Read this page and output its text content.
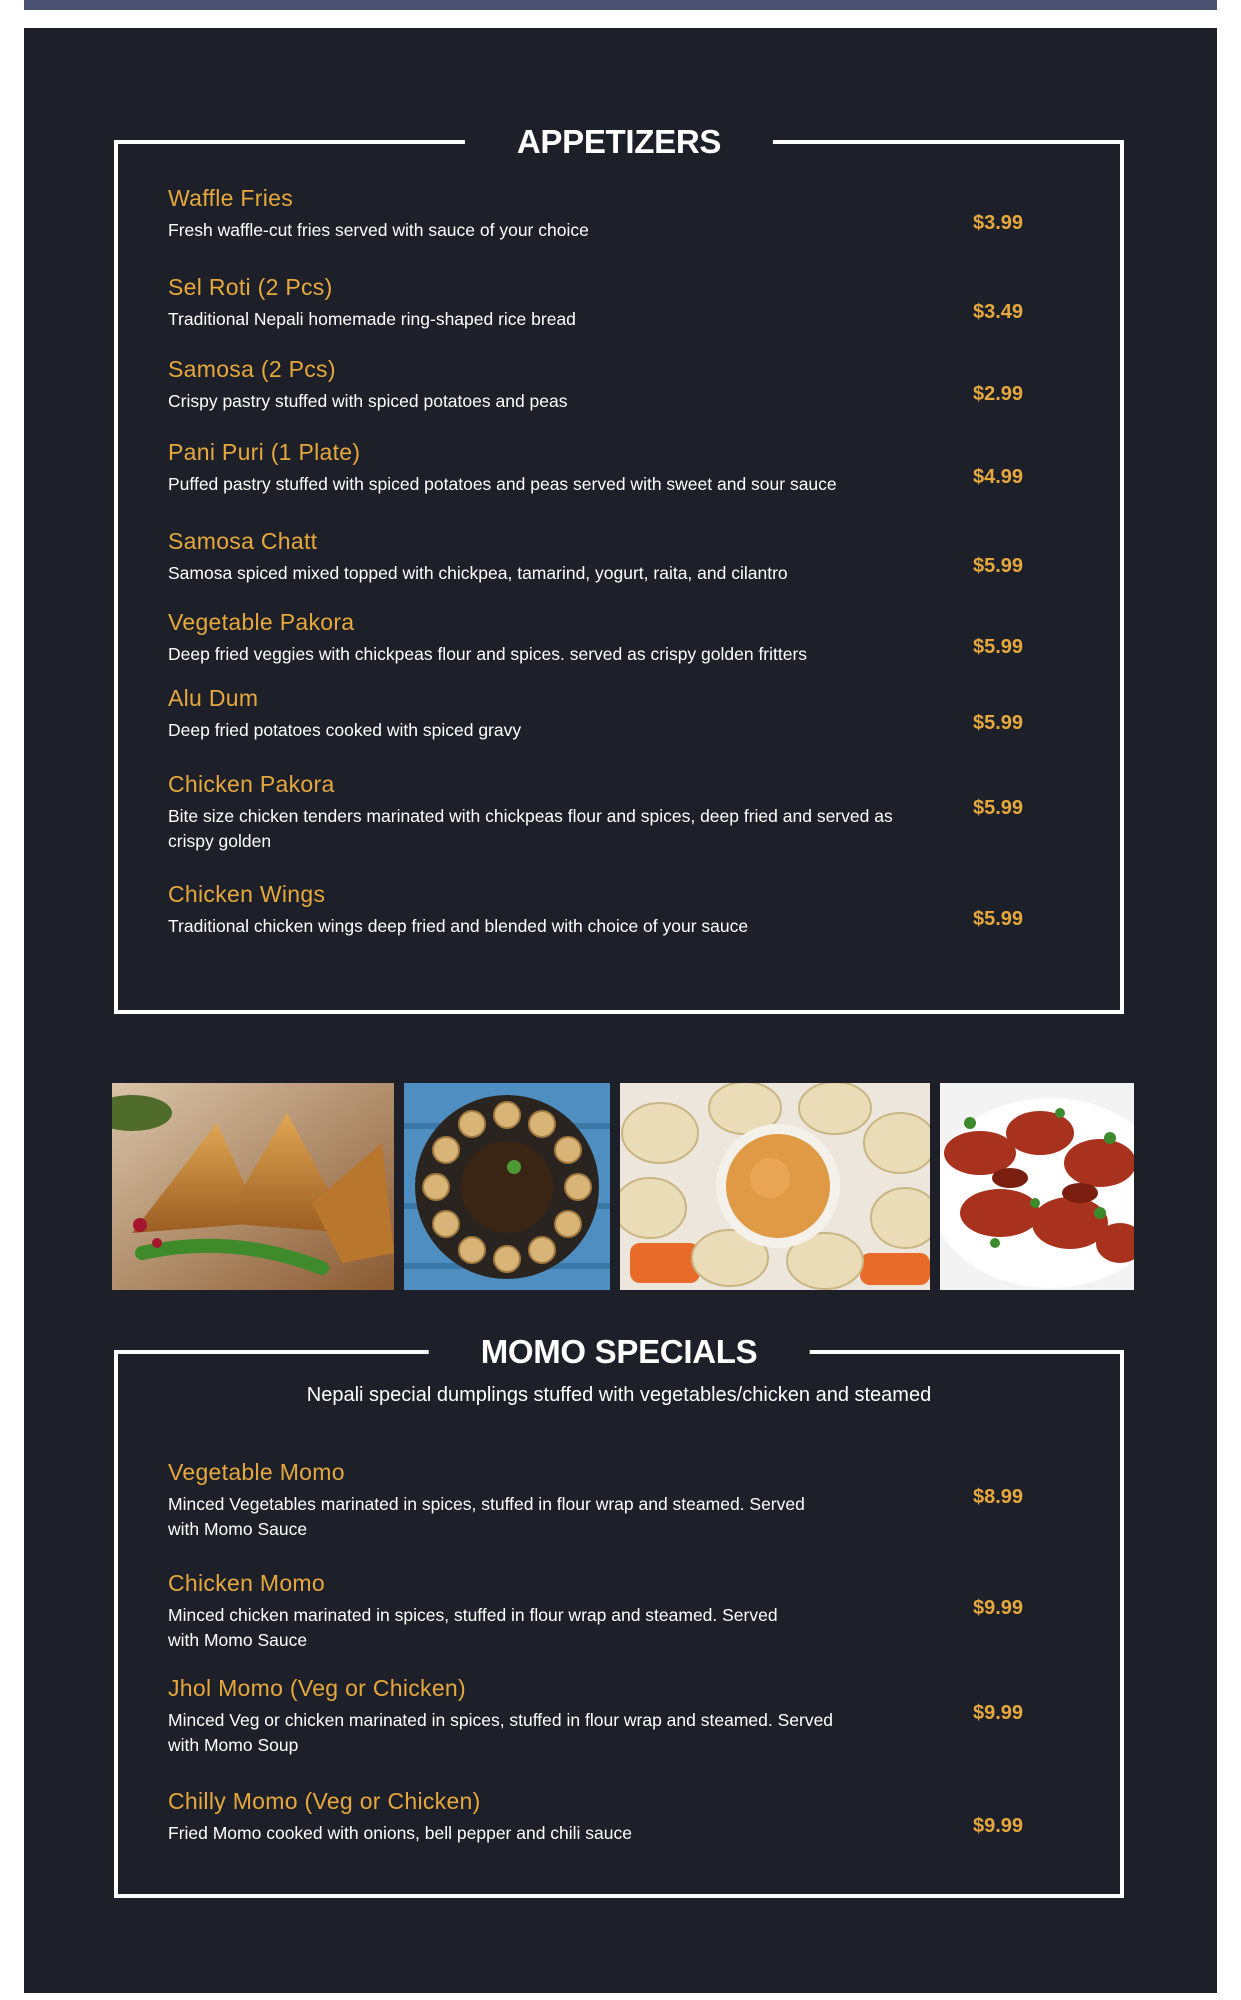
APPETIZERS
Waffle Fries
Fresh waffle-cut fries served with sauce of your choice	$3.99
Sel Roti (2 Pcs)
Traditional Nepali homemade ring-shaped rice bread	$3.49
Samosa (2 Pcs)
Crispy pastry stuffed with spiced potatoes and peas	$2.99
Pani Puri (1 Plate)
Puffed pastry stuffed with spiced potatoes and peas served with sweet and sour sauce	$4.99
Samosa Chatt
Samosa spiced mixed topped with chickpea, tamarind, yogurt, raita, and cilantro	$5.99
Vegetable Pakora
Deep fried veggies with chickpeas flour and spices. served as crispy golden fritters	$5.99
Alu Dum
Deep fried potatoes cooked with spiced gravy	$5.99
Chicken Pakora
Bite size chicken tenders marinated with chickpeas flour and spices, deep fried and served as crispy golden
$5.99
Chicken Wings
Traditional chicken wings deep fried and blended with choice of your sauce	$5.99
MOMO SPECIALS
Nepali special dumplings stuffed with vegetables/chicken and steamed
Vegetable Momo
Minced Vegetables marinated in spices, stuffed in flour wrap and steamed. Served with Momo Sauce
$8.99
Chicken Momo
Minced chicken marinated in spices, stuffed in flour wrap and steamed. Served with Momo Sauce
$9.99
Jhol Momo (Veg or Chicken)
Minced Veg or chicken marinated in spices, stuffed in flour wrap and steamed. Served with Momo Soup
$9.99
Chilly Momo (Veg or Chicken)
Fried Momo cooked with onions, bell pepper and chili sauce	$9.99
